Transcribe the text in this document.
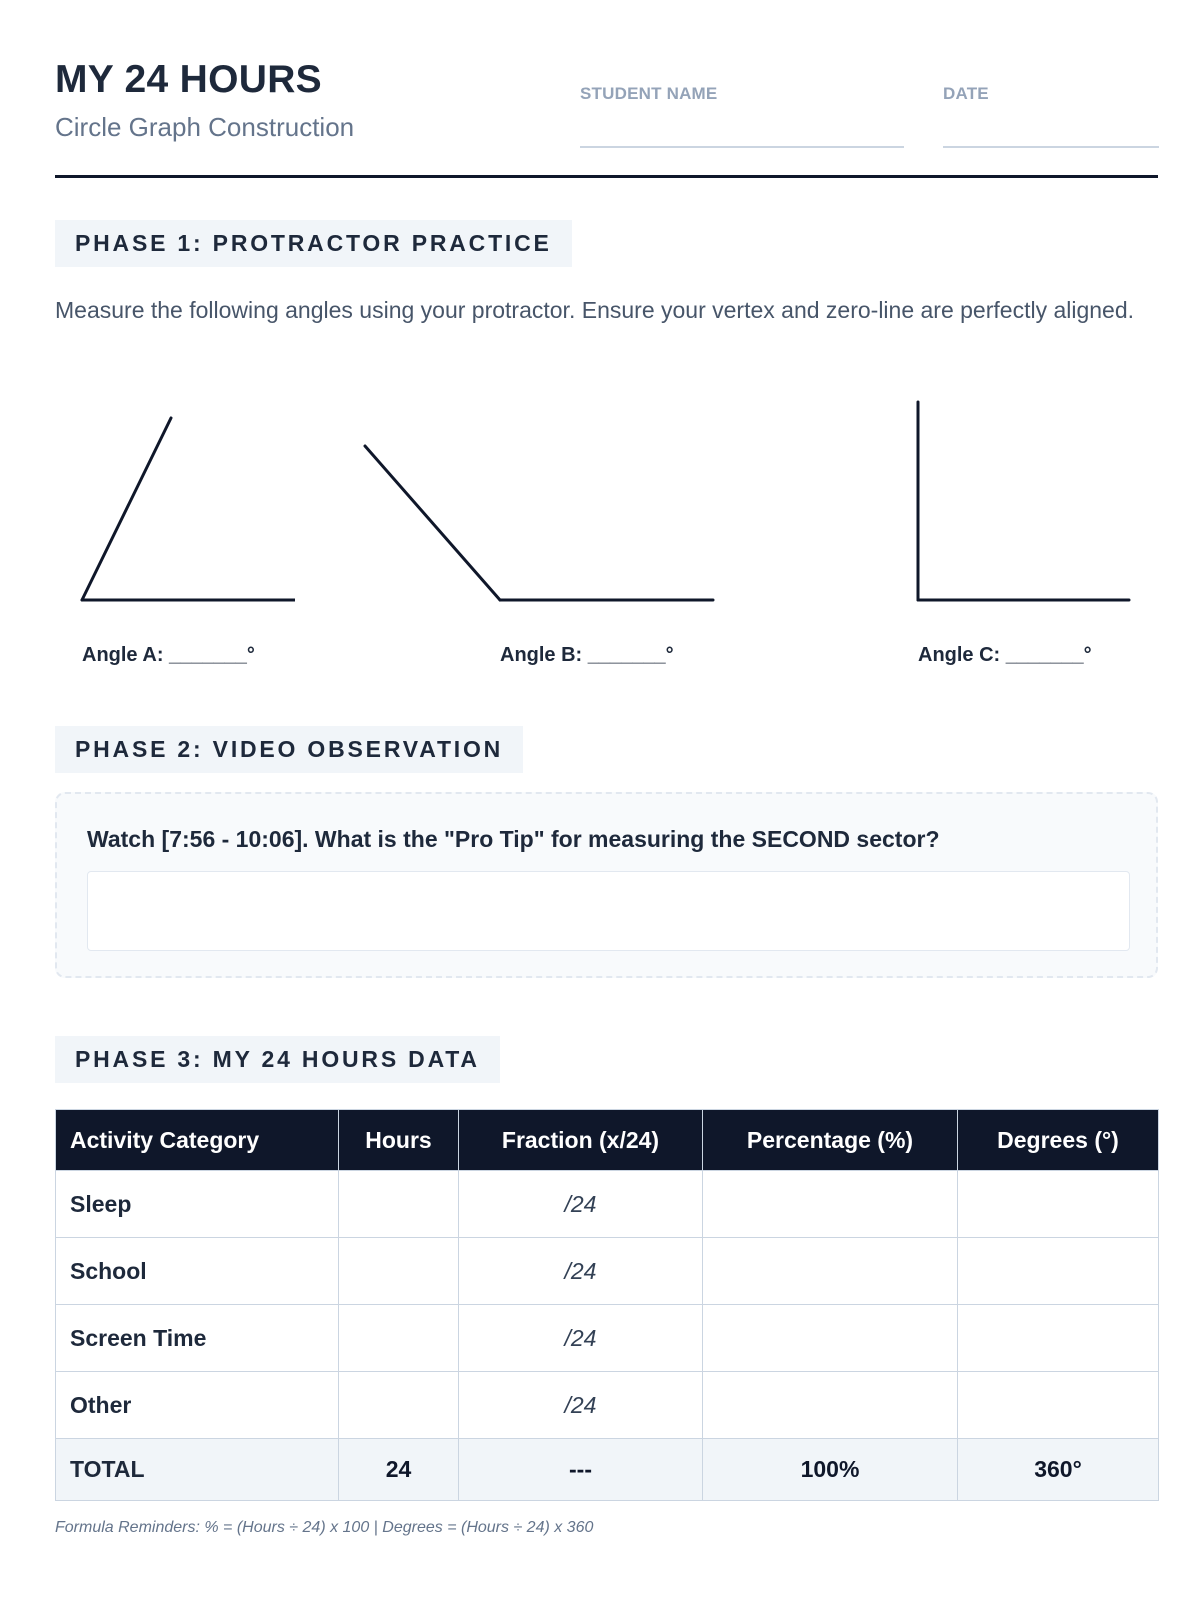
MY 24 HOURS
Circle Graph Construction
STUDENT NAME	DATE
PHASE 1: PROTRACTOR PRACTICE
Measure the following angles using your protractor. Ensure your vertex and zero-line are perfectly aligned.
Angle A: _______°	Angle B: _______°	Angle C: _______°
PHASE 2: VIDEO OBSERVATION
Watch [7:56 - 10:06]. What is the "Pro Tip" for measuring the SECOND sector?
PHASE 3: MY 24 HOURS DATA
Activity Category	Hours	Fraction (x/24)	Percentage (%)	Degrees (°)
Sleep		/24		
School		/24		
Screen Time		/24		
Other		/24		
TOTAL	24	---	100%	360°
Formula Reminders: % = (Hours ÷ 24) x 100 | Degrees = (Hours ÷ 24) x 360
